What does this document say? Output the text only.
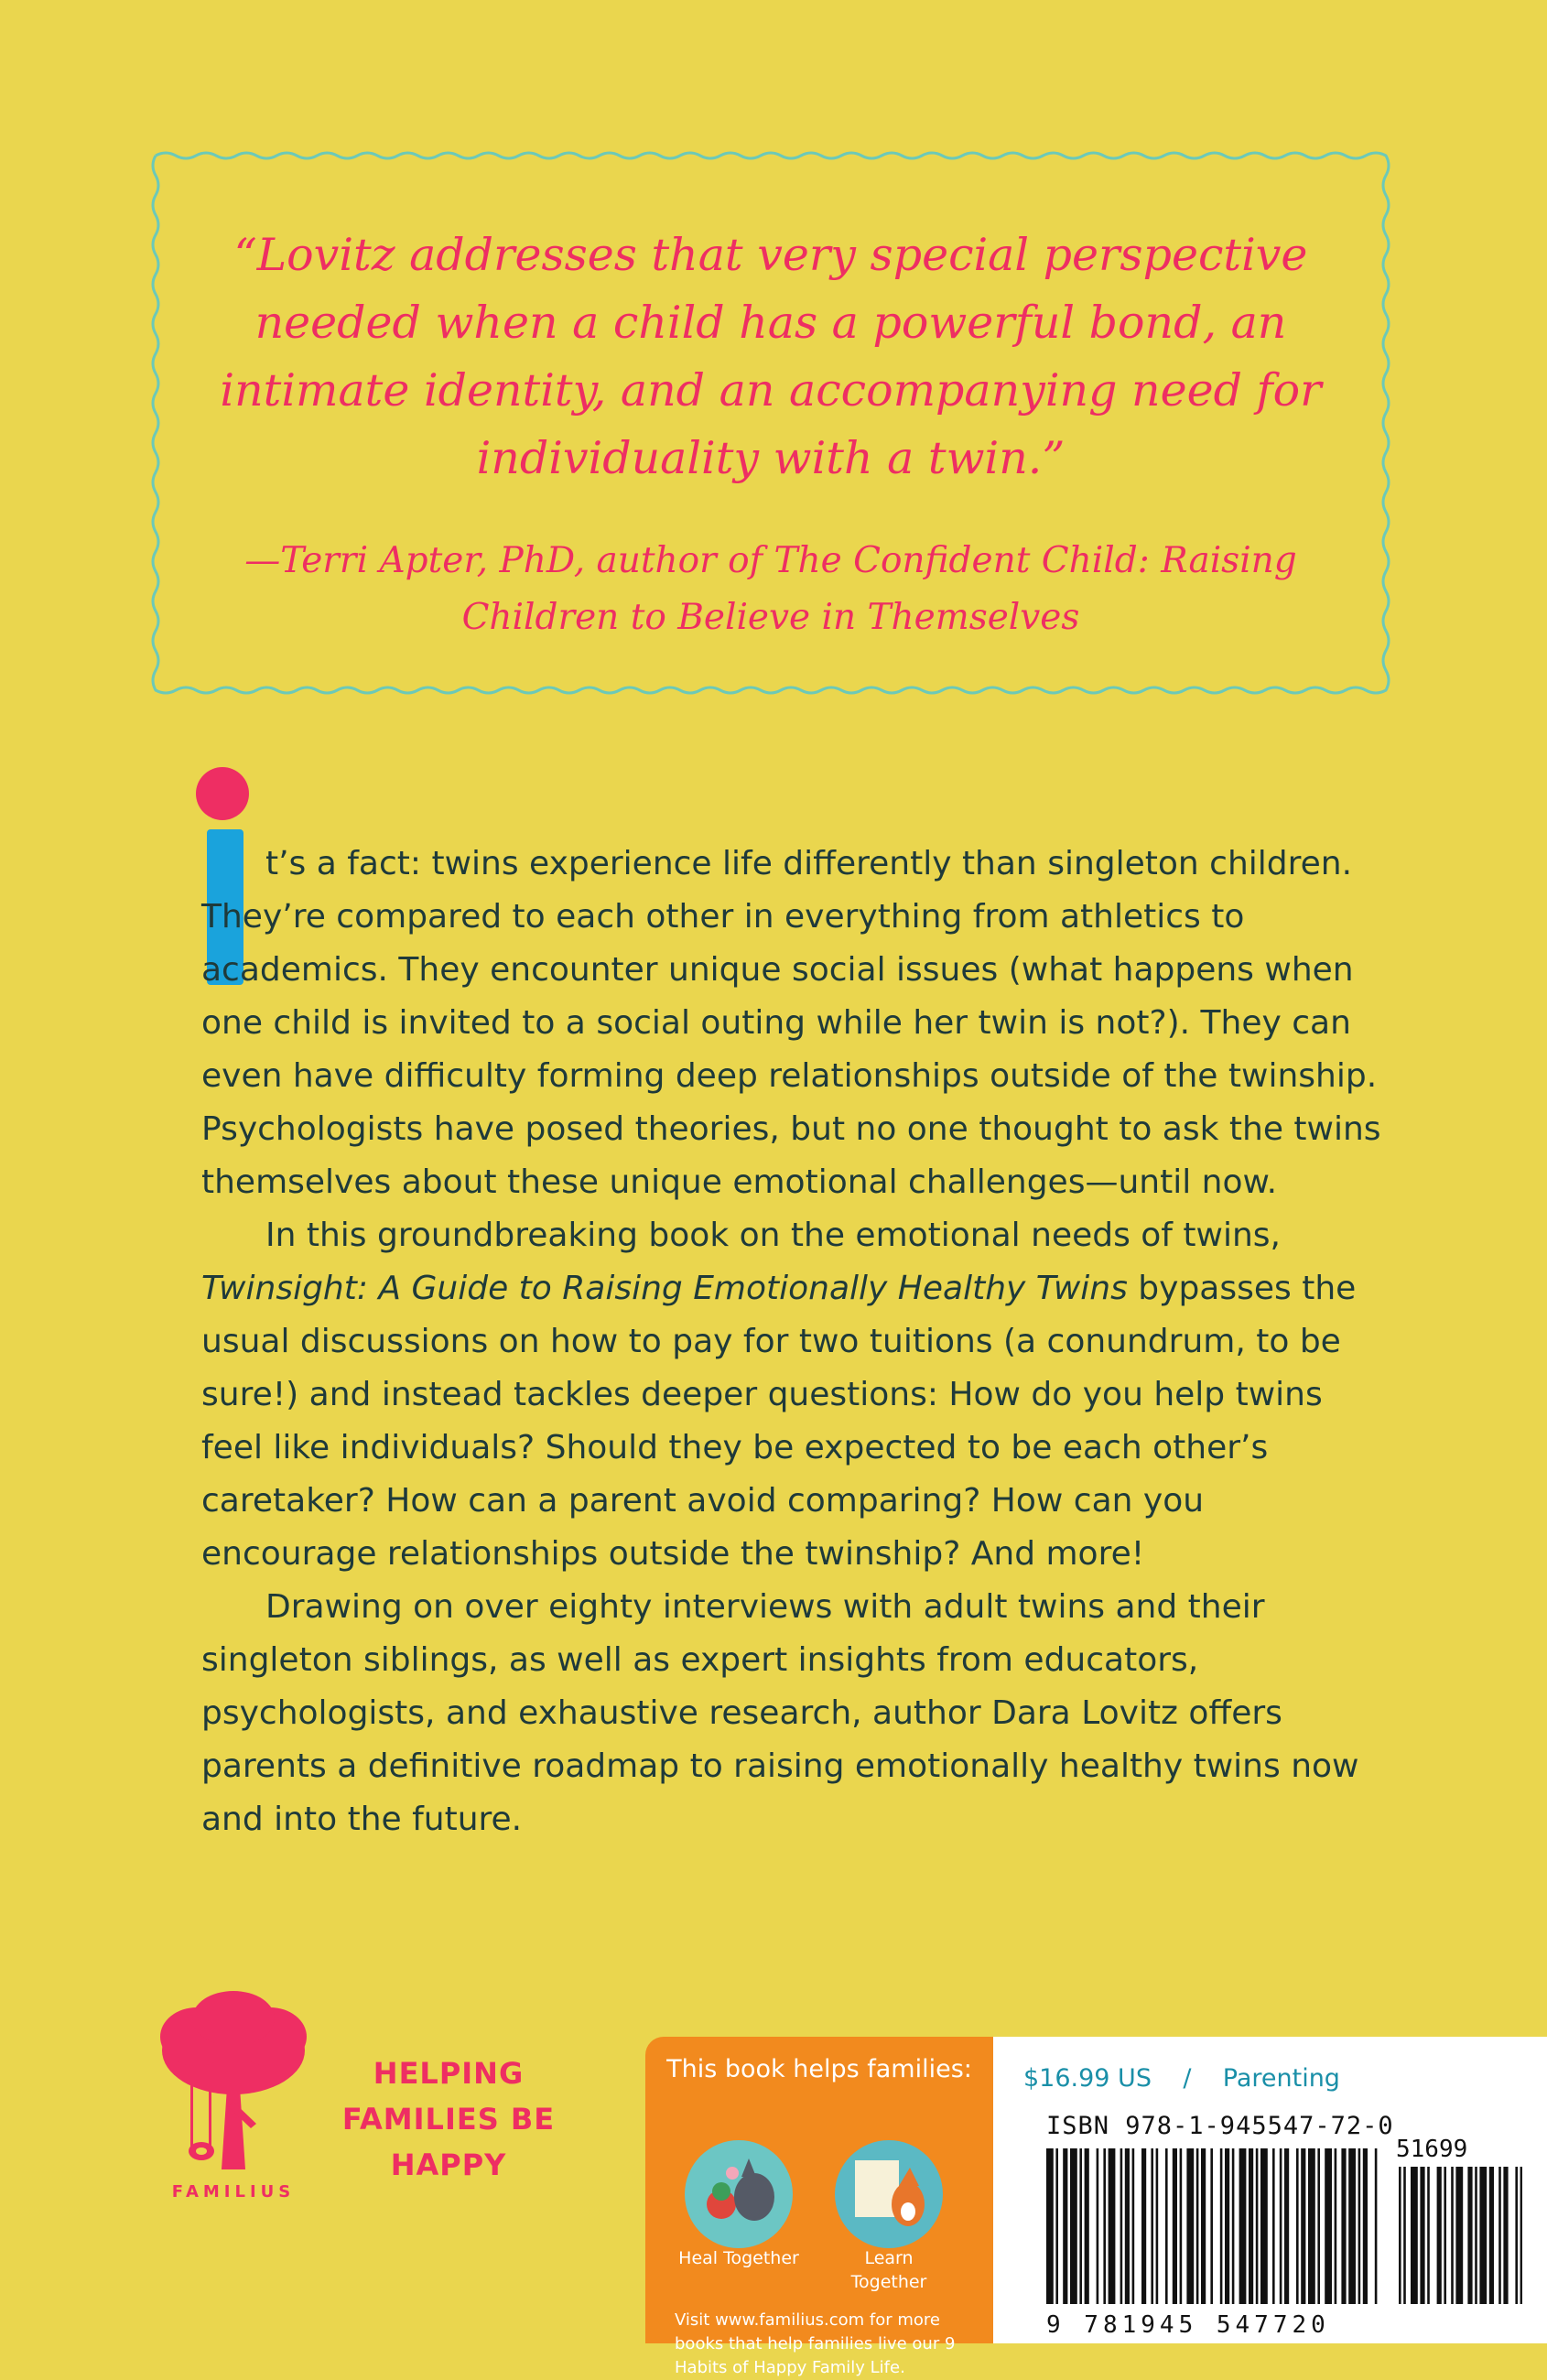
“Lovitz addresses that very special perspective needed when a child has a powerful bond, an intimate identity, and an accompanying need for individuality with a twin.”

—Terri Apter, PhD, author of The Confident Child: Raising Children to Believe in Themselves

t’s a fact: twins experience life differently than singleton children. They’re compared to each other in everything from athletics to academics. They encounter unique social issues (what happens when one child is invited to a social outing while her twin is not?). They can even have difficulty forming deep relationships outside of the twinship. Psychologists have posed theories, but no one thought to ask the twins themselves about these unique emotional challenges—until now.

In this groundbreaking book on the emotional needs of twins, Twinsight: A Guide to Raising Emotionally Healthy Twins bypasses the usual discussions on how to pay for two tuitions (a conundrum, to be sure!) and instead tackles deeper questions: How do you help twins feel like individuals? Should they be expected to be each other’s caretaker? How can a parent avoid comparing? How can you encourage relationships outside the twinship? And more!

Drawing on over eighty interviews with adult twins and their singleton siblings, as well as expert insights from educators, psychologists, and exhaustive research, author Dara Lovitz offers parents a definitive roadmap to raising emotionally healthy twins now and into the future.

FAMILIUS
HELPING FAMILIES BE HAPPY

This book helps families:

Heal Together	Learn Together
Visit www.familius.com for more books that help families live our 9 Habits of Happy Family Life.

$16.99 US / Parenting

ISBN 978-1-945547-72-0
51699
9 781945 547720
